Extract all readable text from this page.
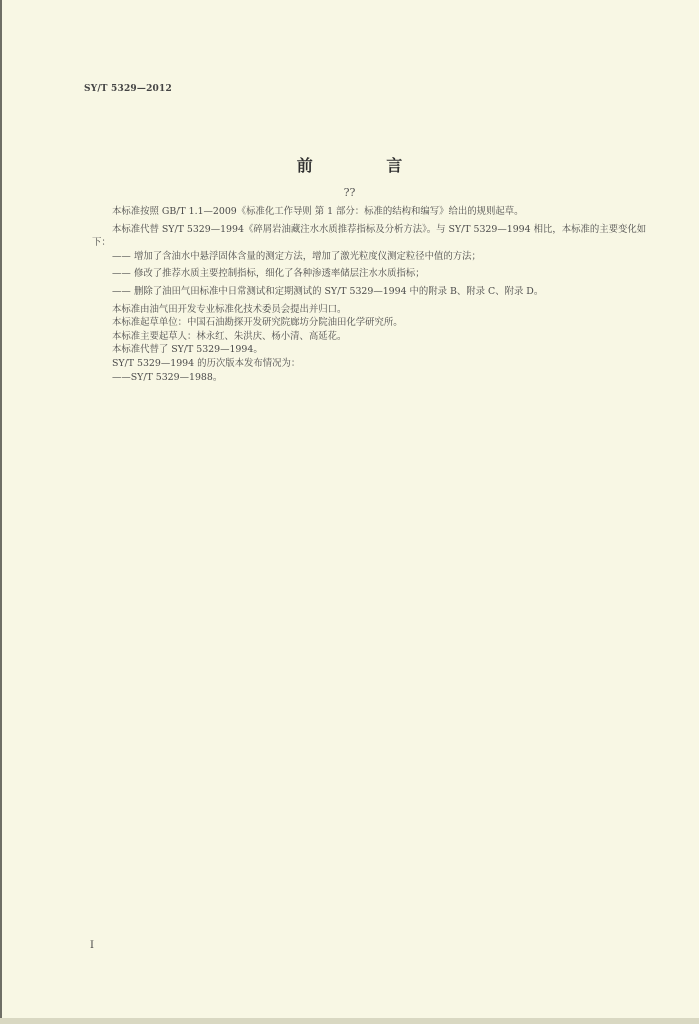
SY/T 5329—2012
前 言
??

本标准按照 GB/T 1.1—2009《标准化工作导则 第 1 部分：标准的结构和编写》给出的规则起草。

本标准代替 SY/T 5329—1994《碎屑岩油藏注水水质推荐指标及分析方法》。与 SY/T 5329—1994 相比，本标准的主要变化如下：

—— 增加了含油水中悬浮固体含量的测定方法，增加了激光粒度仪测定粒径中值的方法；
—— 修改了推荐水质主要控制指标，细化了各种渗透率储层注水水质指标；
—— 删除了油田气田标准中日常测试和定期测试的 SY/T 5329—1994 中的附录 B、附录 C、附录 D。

本标准由油气田开发专业标准化技术委员会提出并归口。

本标准起草单位：中国石油勘探开发研究院廊坊分院油田化学研究所。

本标准主要起草人：林永红、朱洪庆、杨小清、高延花。

本标准代替了 SY/T 5329—1994。

SY/T 5329—1994 的历次版本发布情况为：

——SY/T 5329—1988。

I
